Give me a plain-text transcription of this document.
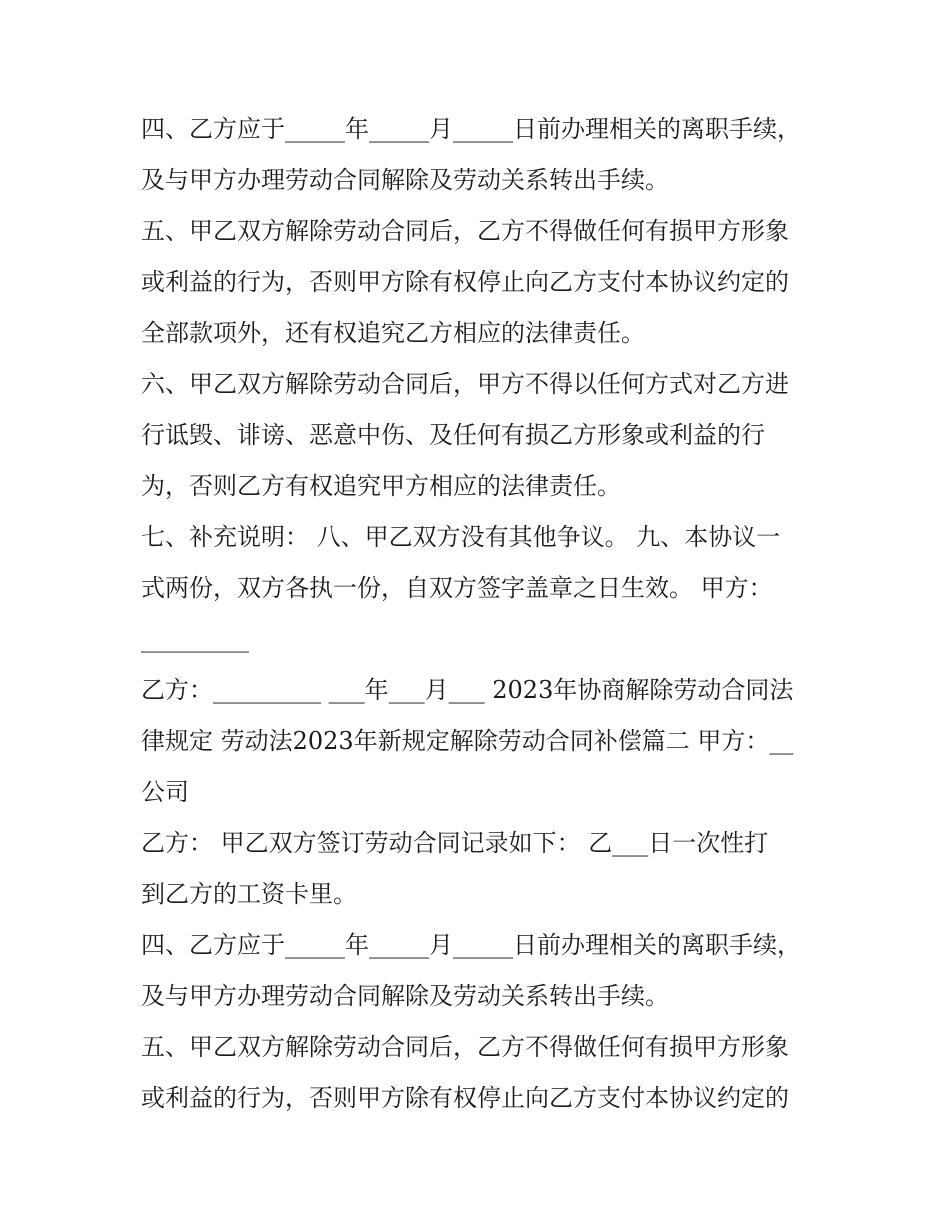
四、乙方应于_____年_____月_____日前办理相关的离职手续，
及与甲方办理劳动合同解除及劳动关系转出手续。
五、甲乙双方解除劳动合同后，乙方不得做任何有损甲方形象
或利益的行为，否则甲方除有权停止向乙方支付本协议约定的
全部款项外，还有权追究乙方相应的法律责任。
六、甲乙双方解除劳动合同后，甲方不得以任何方式对乙方进
行诋毁、诽谤、恶意中伤、及任何有损乙方形象或利益的行
为，否则乙方有权追究甲方相应的法律责任。
七、补充说明： 八、甲乙双方没有其他争议。 九、本协议一
式两份，双方各执一份，自双方签字盖章之日生效。 甲方：
_________
乙方：_________ ___年___月___ 2023年协商解除劳动合同法
律规定 劳动法2023年新规定解除劳动合同补偿篇二 甲方：__
公司
乙方： 甲乙双方签订劳动合同记录如下： 乙___日一次性打
到乙方的工资卡里。
四、乙方应于_____年_____月_____日前办理相关的离职手续，
及与甲方办理劳动合同解除及劳动关系转出手续。
五、甲乙双方解除劳动合同后，乙方不得做任何有损甲方形象
或利益的行为，否则甲方除有权停止向乙方支付本协议约定的
